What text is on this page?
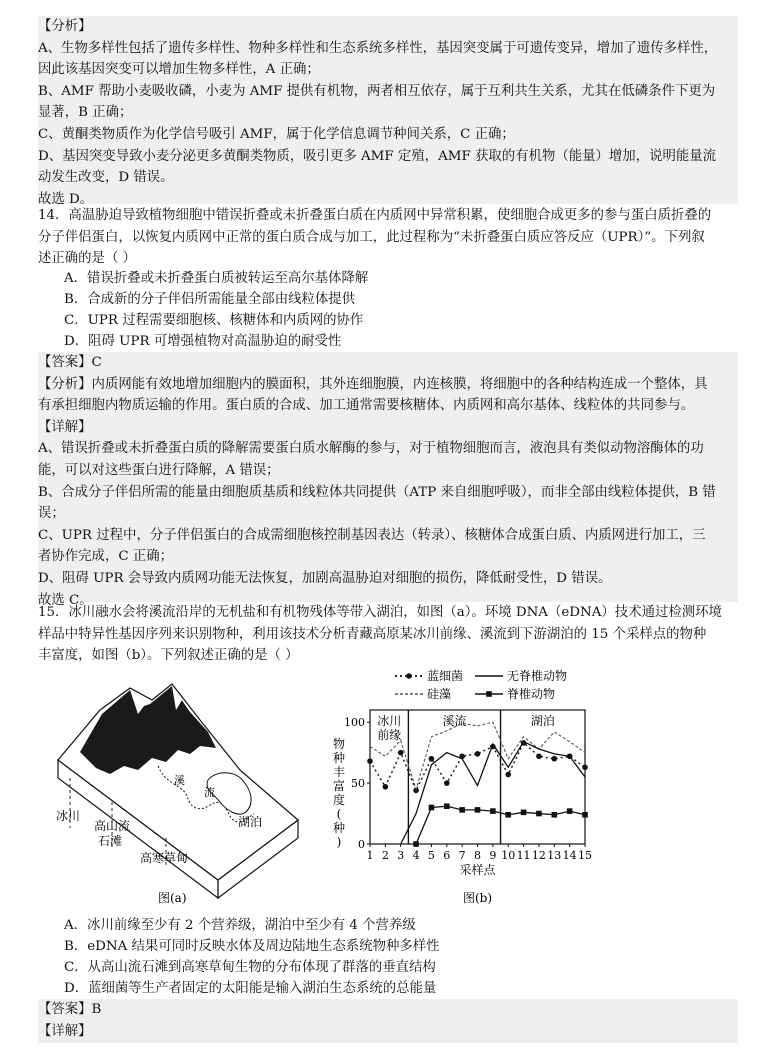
【分析】
A、生物多样性包括了遗传多样性、物种多样性和生态系统多样性，基因突变属于可遗传变异，增加了遗传多样性，
因此该基因突变可以增加生物多样性，A 正确；
B、AMF 帮助小麦吸收磷，小麦为 AMF 提供有机物，两者相互依存，属于互利共生关系，尤其在低磷条件下更为
显著，B 正确；
C、黄酮类物质作为化学信号吸引 AMF，属于化学信息调节种间关系，C 正确；
D、基因突变导致小麦分泌更多黄酮类物质，吸引更多 AMF 定殖，AMF 获取的有机物（能量）增加，说明能量流
动发生改变，D 错误。
故选 D。
14．高温胁迫导致植物细胞中错误折叠或未折叠蛋白质在内质网中异常积累，使细胞合成更多的参与蛋白质折叠的
分子伴侣蛋白，以恢复内质网中正常的蛋白质合成与加工，此过程称为“未折叠蛋白质应答反应（UPR）”。下列叙
述正确的是（ ）
A．错误折叠或未折叠蛋白质被转运至高尔基体降解
B．合成新的分子伴侣所需能量全部由线粒体提供
C．UPR 过程需要细胞核、核糖体和内质网的协作
D．阻碍 UPR 可增强植物对高温胁迫的耐受性
【答案】C
【分析】内质网能有效地增加细胞内的膜面积，其外连细胞膜，内连核膜，将细胞中的各种结构连成一个整体，具
有承担细胞内物质运输的作用。蛋白质的合成、加工通常需要核糖体、内质网和高尔基体、线粒体的共同参与。
【详解】
A、错误折叠或未折叠蛋白质的降解需要蛋白质水解酶的参与，对于植物细胞而言，液泡具有类似动物溶酶体的功
能，可以对这些蛋白进行降解，A 错误；
B、合成分子伴侣所需的能量由细胞质基质和线粒体共同提供（ATP 来自细胞呼吸），而非全部由线粒体提供，B 错
误；
C、UPR 过程中，分子伴侣蛋白的合成需细胞核控制基因表达（转录）、核糖体合成蛋白质、内质网进行加工，三
者协作完成，C 正确；
D、阻碍 UPR 会导致内质网功能无法恢复，加剧高温胁迫对细胞的损伤，降低耐受性，D 错误。
故选 C。
15．冰川融水会将溪流沿岸的无机盐和有机物残体等带入湖泊，如图（a）。环境 DNA（eDNA）技术通过检测环境
样品中特异性基因序列来识别物种，利用该技术分析青藏高原某冰川前缘、溪流到下游湖泊的 15 个采样点的物种
丰富度，如图（b）。下列叙述正确的是（ ）
冰川
高山流
石滩
高寒草甸
溪
流
湖泊
图(a)
蓝细菌	无脊椎动物
硅藻	脊椎动物
冰川
前缘
溪流	湖泊
0
50
100
1 2 3 4 5 6 7 8 9 10 11 12 13 14 15
采样点
物
种
丰
富
度
(
种
)
图(b)
A．冰川前缘至少有 2 个营养级，湖泊中至少有 4 个营养级
B．eDNA 结果可同时反映水体及周边陆地生态系统物种多样性
C．从高山流石滩到高寒草甸生物的分布体现了群落的垂直结构
D．蓝细菌等生产者固定的太阳能是输入湖泊生态系统的总能量
【答案】B
【详解】
